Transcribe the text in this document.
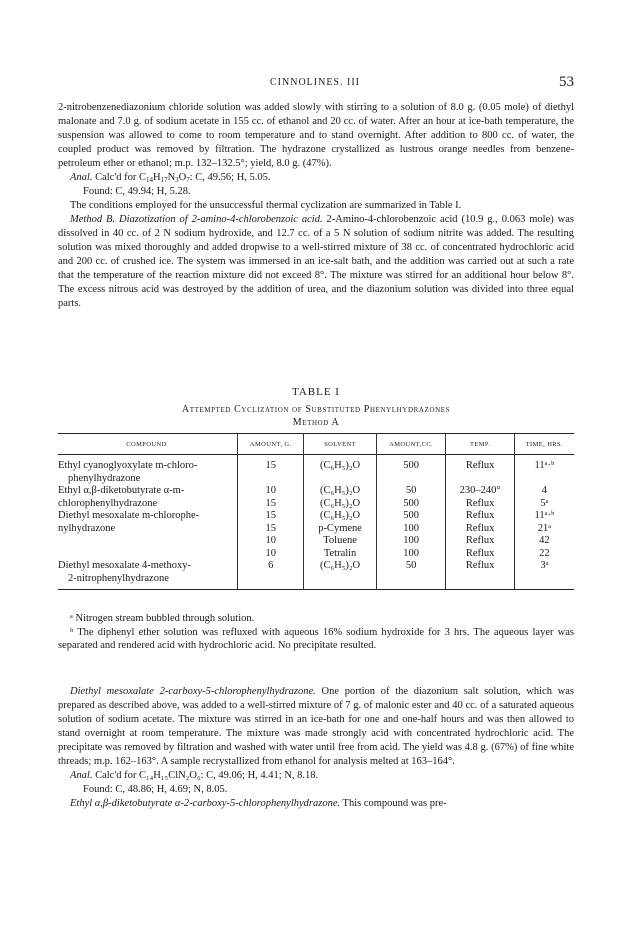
CINNOLINES. III	53

2-nitrobenzenediazonium chloride solution was added slowly with stirring to a solution of 8.0 g. (0.05 mole) of diethyl malonate and 7.0 g. of sodium acetate in 155 cc. of ethanol and 20 cc. of water. After an hour at ice-bath temperature, the suspension was allowed to come to room temperature and to stand overnight. After addition to 800 cc. of water, the coupled product was removed by filtration. The hydrazone crystallized as lustrous orange needles from benzene-petroleum ether or ethanol; m.p. 132–132.5°; yield, 8.0 g. (47%).

Anal. Calc'd for $C_{14}H_{17}N_3O_7$: C, 49.56; H, 5.05.

Found: C, 49.94; H, 5.28.

The conditions employed for the unsuccessful thermal cyclization are summarized in Table I.

Method B. Diazotization of 2-amino-4-chlorobenzoic acid. 2-Amino-4-chlorobenzoic acid (10.9 g., 0.063 mole) was dissolved in 40 cc. of 2 N sodium hydroxide, and 12.7 cc. of a 5 N solution of sodium nitrite was added. The resulting solution was mixed thoroughly and added dropwise to a well-stirred mixture of 38 cc. of concentrated hydrochloric acid and 200 cc. of crushed ice. The system was immersed in an ice-salt bath, and the addition was carried out at such a rate that the temperature of the reaction mixture did not exceed 8°. The mixture was stirred for an additional hour below 8°. The excess nitrous acid was destroyed by the addition of urea, and the diazonium solution was divided into three equal parts.

TABLE I
Attempted Cyclization of Substituted Phenylhydrazones
Method A
COMPOUND	AMOUNT, G.	SOLVENT	AMOUNT,CC.	TEMP.	TIME, HRS.
Ethyl cyanoglyoxylate m-chloro-
phenylhydrazone	15	(C₆H₅)₂O	500	Reflux	11ᵃ·ᵇ
Ethyl α,β-diketobutyrate α-m-	10	(C₆H₅)₂O	50	230–240°	4
chlorophenylhydrazone	15	(C₆H₅)₂O	500	Reflux	5ᵃ
Diethyl mesoxalate m-chlorophe-	15	(C₆H₅)₂O	500	Reflux	11ᵃ·ᵇ
nylhydrazone	15	p-Cymene	100	Reflux	21ᵃ
	10	Toluene	100	Reflux	42
	10	Tetralin	100	Reflux	22
Diethyl mesoxalate 4-methoxy-
2-nitrophenylhydrazone	6	(C₆H₅)₂O	50	Reflux	3ᵃ

ᵃ Nitrogen stream bubbled through solution.

ᵇ The diphenyl ether solution was refluxed with aqueous 16% sodium hydroxide for 3 hrs. The aqueous layer was separated and rendered acid with hydrochloric acid. No precipitate resulted.

Diethyl mesoxalate 2-carboxy-5-chlorophenylhydrazone. One portion of the diazonium salt solution, which was prepared as described above, was added to a well-stirred mixture of 7 g. of malonic ester and 40 cc. of a saturated aqueous solution of sodium acetate. The mixture was stirred in an ice-bath for one and one-half hours and was then allowed to stand overnight at room temperature. The mixture was made strongly acid with concentrated hydrochloric acid. The precipitate was removed by filtration and washed with water until free from acid. The yield was 4.8 g. (67%) of fine white threads; m.p. 162–163°. A sample recrystallized from ethanol for analysis melted at 163–164°.

Anal. Calc'd for C₁₄H₁₅ClN₂O₆: C, 49.06; H, 4.41; N, 8.18.

Found: C, 48.86; H, 4.69; N, 8.05.

Ethyl α,β-diketobutyrate α-2-carboxy-5-chlorophenylhydrazone. This compound was pre-
